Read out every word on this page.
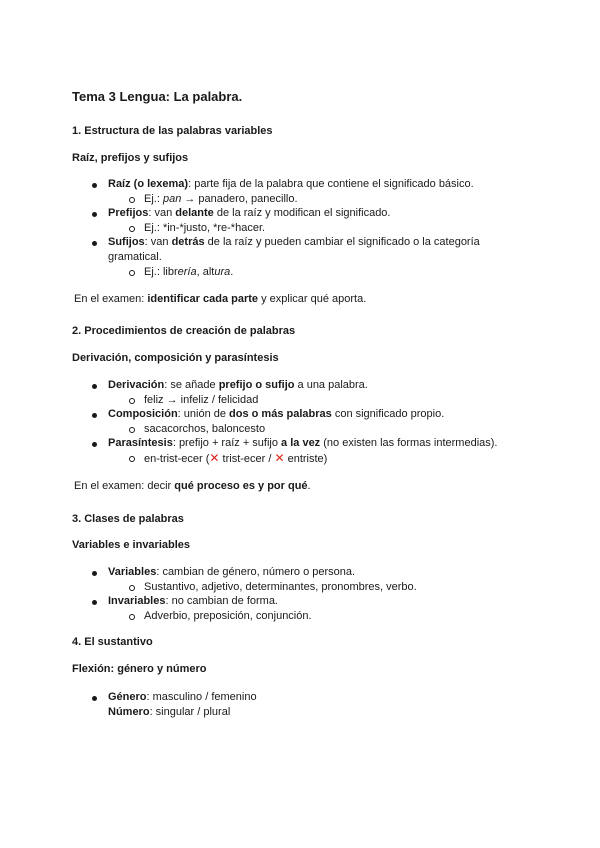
Tema 3 Lengua: La palabra.
1. Estructura de las palabras variables
Raíz, prefijos y sufijos
Raíz (o lexema): parte fija de la palabra que contiene el significado básico.
Ej.: pan → panadero, panecillo.
Prefijos: van delante de la raíz y modifican el significado.
Ej.: *in-*justo, *re-*hacer.
Sufijos: van detrás de la raíz y pueden cambiar el significado o la categoría gramatical.
Ej.: librería, altura.
En el examen: identificar cada parte y explicar qué aporta.
2. Procedimientos de creación de palabras
Derivación, composición y parasíntesis
Derivación: se añade prefijo o sufijo a una palabra.
feliz → infeliz / felicidad
Composición: unión de dos o más palabras con significado propio.
sacacorchos, baloncesto
Parasíntesis: prefijo + raíz + sufijo a la vez (no existen las formas intermedias).
en-trist-ecer (✕ trist-ecer / ✕ entriste)
En el examen: decir qué proceso es y por qué.
3. Clases de palabras
Variables e invariables
Variables: cambian de género, número o persona.
Sustantivo, adjetivo, determinantes, pronombres, verbo.
Invariables: no cambian de forma.
Adverbio, preposición, conjunción.
4. El sustantivo
Flexión: género y número
Género: masculino / femenino
Número: singular / plural
